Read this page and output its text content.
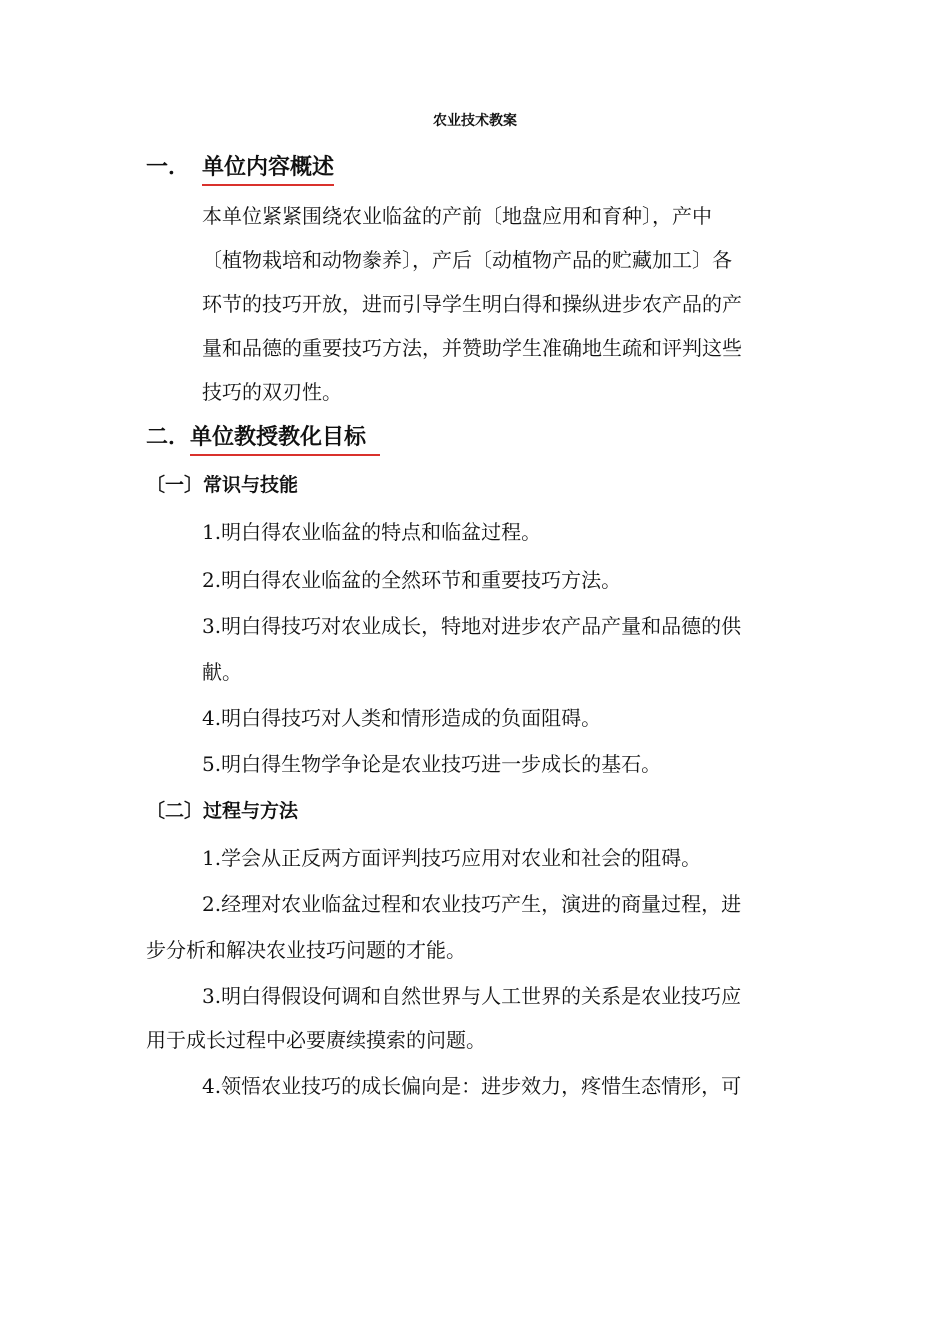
农业技术教案
一． 单位内容概述
本单位紧紧围绕农业临盆的产前〔地盘应用和育种〕，产中
〔植物栽培和动物豢养〕，产后〔动植物产品的贮藏加工〕各
环节的技巧开放，进而引导学生明白得和操纵进步农产品的产
量和品德的重要技巧方法，并赞助学生准确地生疏和评判这些
技巧的双刃性。
二．单位教授教化目标
〔一〕常识与技能
1.明白得农业临盆的特点和临盆过程。
2.明白得农业临盆的全然环节和重要技巧方法。
3.明白得技巧对农业成长，特地对进步农产品产量和品德的供
献。
4.明白得技巧对人类和情形造成的负面阻碍。
5.明白得生物学争论是农业技巧进一步成长的基石。
〔二〕过程与方法
1.学会从正反两方面评判技巧应用对农业和社会的阻碍。
2.经理对农业临盆过程和农业技巧产生，演进的商量过程，进
步分析和解决农业技巧问题的才能。
3.明白得假设何调和自然世界与人工世界的关系是农业技巧应
用于成长过程中必要赓续摸索的问题。
4.领悟农业技巧的成长偏向是：进步效力，疼惜生态情形，可
